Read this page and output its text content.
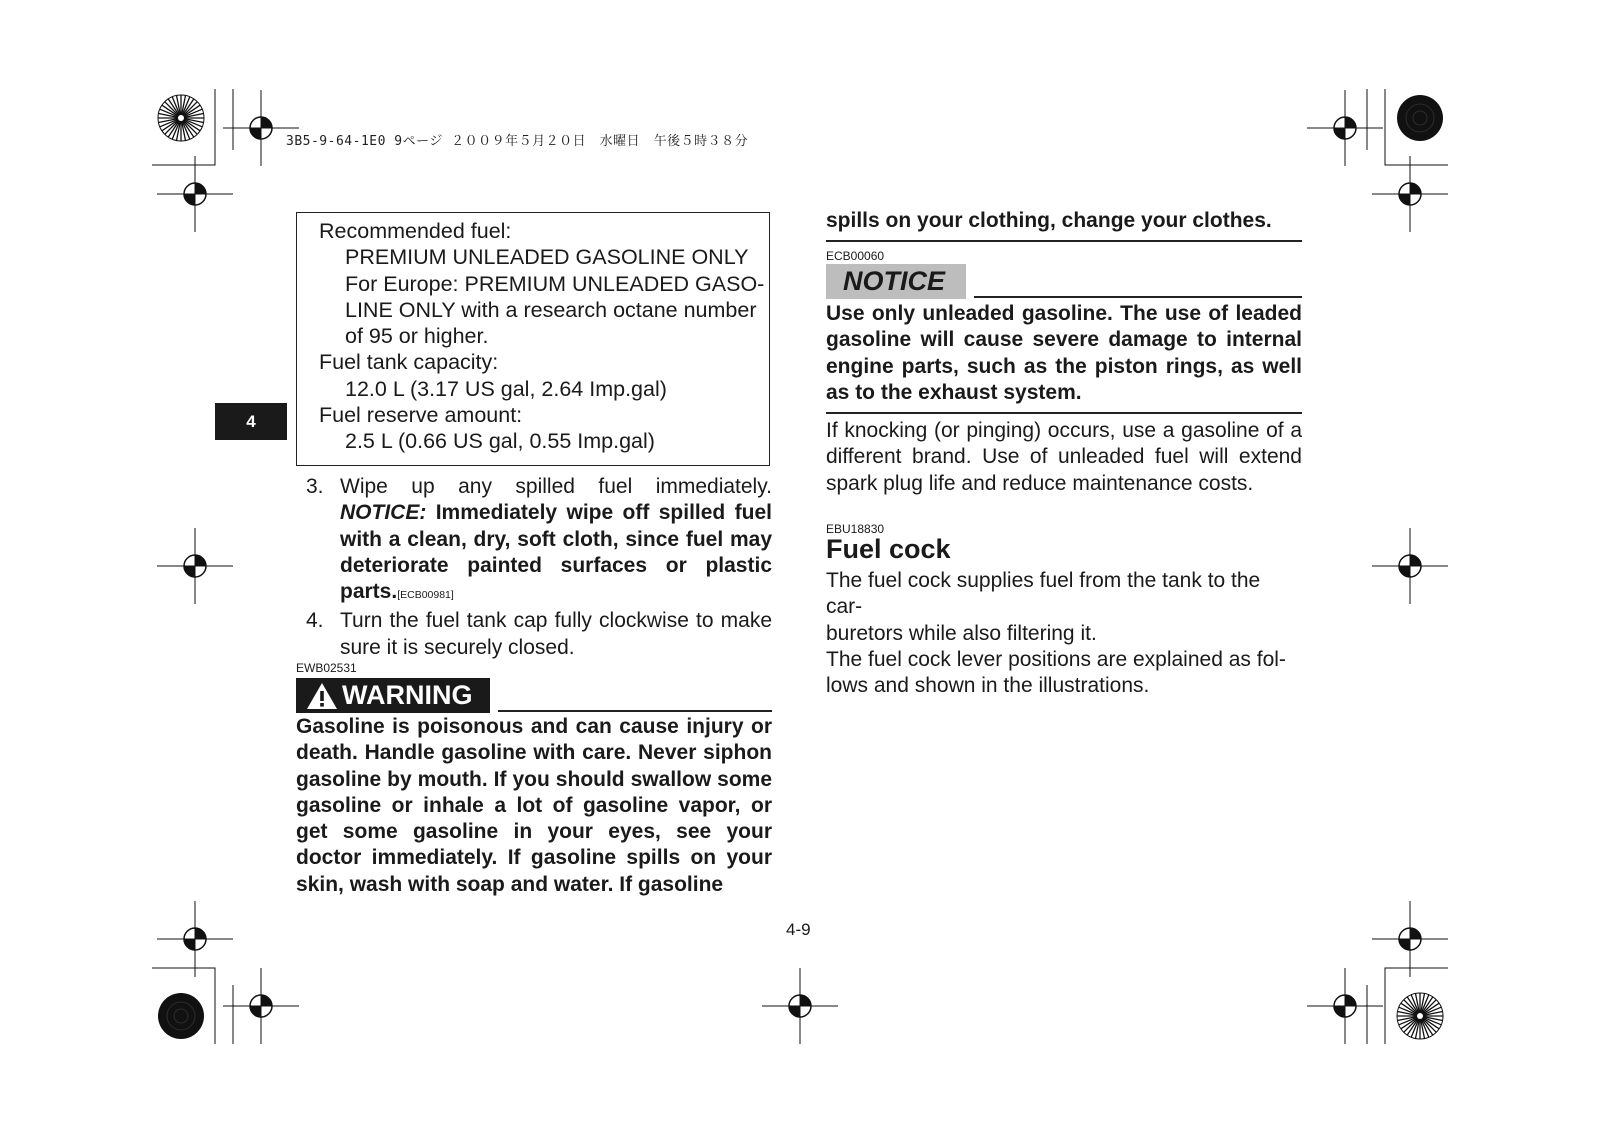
3B5-9-64-1E0 9ページ ２００９年５月２０日　水曜日　午後５時３８分
4
Recommended fuel:
PREMIUM UNLEADED GASOLINE ONLY
For Europe: PREMIUM UNLEADED GASO-
LINE ONLY with a research octane number
of 95 or higher.
Fuel tank capacity:
12.0 L (3.17 US gal, 2.64 Imp.gal)
Fuel reserve amount:
2.5 L (0.66 US gal, 0.55 Imp.gal)
3. Wipe up any spilled fuel immediately. NOTICE: Immediately wipe off spilled fuel with a clean, dry, soft cloth, since fuel may deteriorate painted surfaces or plastic parts.[ECB00981]
4. Turn the fuel tank cap fully clockwise to make sure it is securely closed.
EWB02531
WARNING
Gasoline is poisonous and can cause injury or death. Handle gasoline with care. Never siphon gasoline by mouth. If you should swallow some gasoline or inhale a lot of gasoline vapor, or get some gasoline in your eyes, see your doctor immediately. If gasoline spills on your skin, wash with soap and water. If gasoline
spills on your clothing, change your clothes.
ECB00060
NOTICE
Use only unleaded gasoline. The use of leaded gasoline will cause severe damage to internal engine parts, such as the piston rings, as well as to the exhaust system.
If knocking (or pinging) occurs, use a gasoline of a different brand. Use of unleaded fuel will extend spark plug life and reduce maintenance costs.
EBU18830
Fuel cock
The fuel cock supplies fuel from the tank to the car-
buretors while also filtering it.
The fuel cock lever positions are explained as fol-
lows and shown in the illustrations.
4-9
